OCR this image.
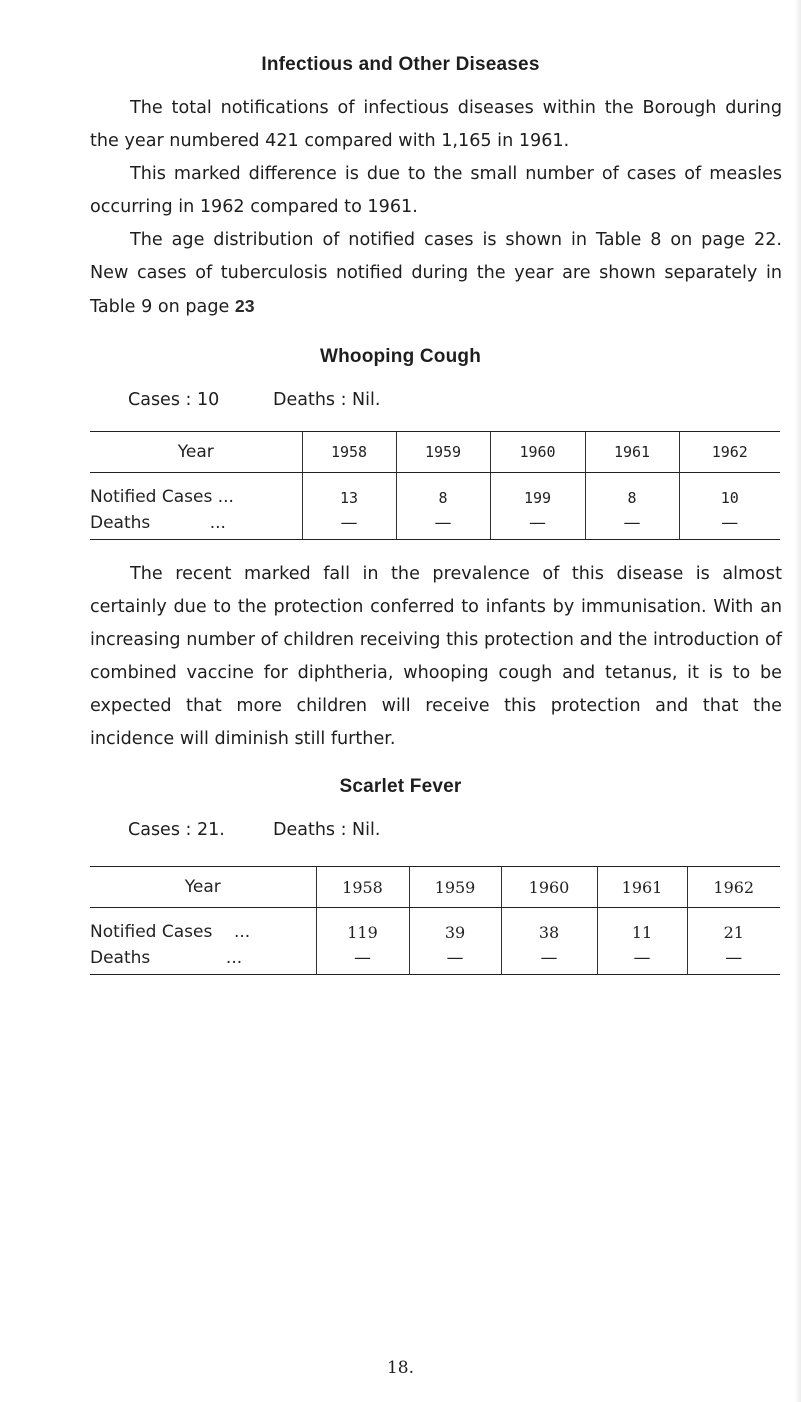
Infectious and Other Diseases

The total notifications of infectious diseases within the Borough during the year numbered 421 compared with 1,165 in 1961.

This marked difference is due to the small number of cases of measles occurring in 1962 compared to 1961.

The age distribution of notified cases is shown in Table 8 on page 22. New cases of tuberculosis notified during the year are shown separately in Table 9 on page 23

Whooping Cough
Cases : 10	Deaths : Nil.
Year	1958	1959	1960	1961	1962
Notified Cases ...	13	8	199	8	10
Deaths ...	—	—	—	—	—

The recent marked fall in the prevalence of this disease is almost certainly due to the protection conferred to infants by immunisation. With an increasing number of children receiving this protection and the introduction of combined vaccine for diphtheria, whooping cough and tetanus, it is to be expected that more children will receive this protection and that the incidence will diminish still further.

Scarlet Fever
Cases : 21.	Deaths : Nil.
Year	1958	1959	1960	1961	1962
Notified Cases ...	119	39	38	11	21
Deaths ...	—	—	—	—	—
18.
